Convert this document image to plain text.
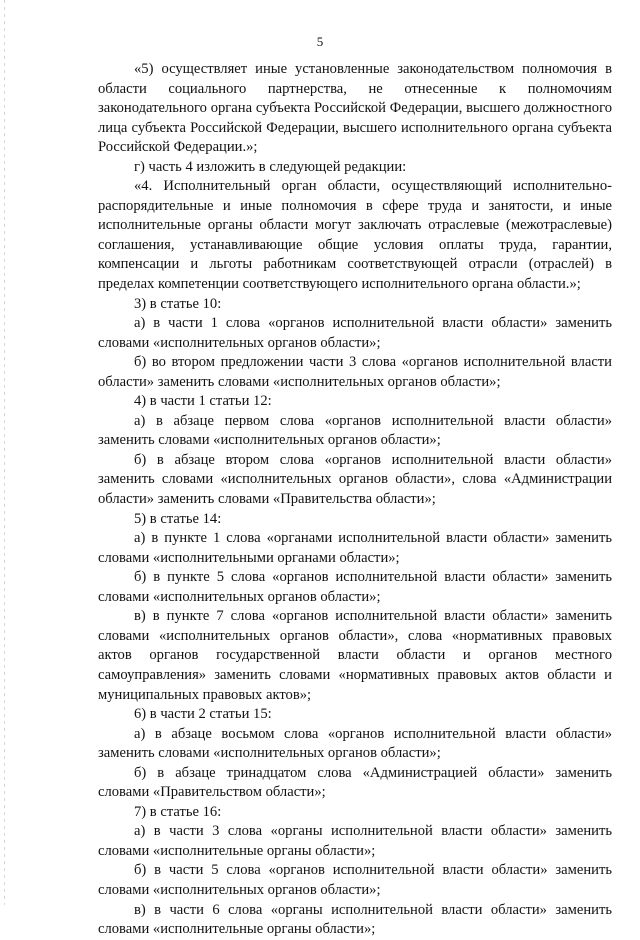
5

«5) осуществляет иные установленные законодательством полномочия в области социального партнерства, не отнесенные к полномочиям законодательного органа субъекта Российской Федерации, высшего должностного лица субъекта Российской Федерации, высшего исполнительного органа субъекта Российской Федерации.»;

г) часть 4 изложить в следующей редакции:

«4. Исполнительный орган области, осуществляющий исполнительно-распорядительные и иные полномочия в сфере труда и занятости, и иные исполнительные органы области могут заключать отраслевые (межотраслевые) соглашения, устанавливающие общие условия оплаты труда, гарантии, компенсации и льготы работникам соответствующей отрасли (отраслей) в пределах компетенции соответствующего исполнительного органа области.»;

3) в статье 10:

а) в части 1 слова «органов исполнительной власти области» заменить словами «исполнительных органов области»;

б) во втором предложении части 3 слова «органов исполнительной власти области» заменить словами «исполнительных органов области»;

4) в части 1 статьи 12:

а) в абзаце первом слова «органов исполнительной власти области» заменить словами «исполнительных органов области»;

б) в абзаце втором слова «органов исполнительной власти области» заменить словами «исполнительных органов области», слова «Администрации области» заменить словами «Правительства области»;

5) в статье 14:

а) в пункте 1 слова «органами исполнительной власти области» заменить словами «исполнительными органами области»;

б) в пункте 5 слова «органов исполнительной власти области» заменить словами «исполнительных органов области»;

в) в пункте 7 слова «органов исполнительной власти области» заменить словами «исполнительных органов области», слова «нормативных правовых актов органов государственной власти области и органов местного самоуправления» заменить словами «нормативных правовых актов области и муниципальных правовых актов»;

6) в части 2 статьи 15:

а) в абзаце восьмом слова «органов исполнительной власти области» заменить словами «исполнительных органов области»;

б) в абзаце тринадцатом слова «Администрацией области» заменить словами «Правительством области»;

7) в статье 16:

а) в части 3 слова «органы исполнительной власти области» заменить словами «исполнительные органы области»;

б) в части 5 слова «органов исполнительной власти области» заменить словами «исполнительных органов области»;

в) в части 6 слова «органы исполнительной власти области» заменить словами «исполнительные органы области»;
